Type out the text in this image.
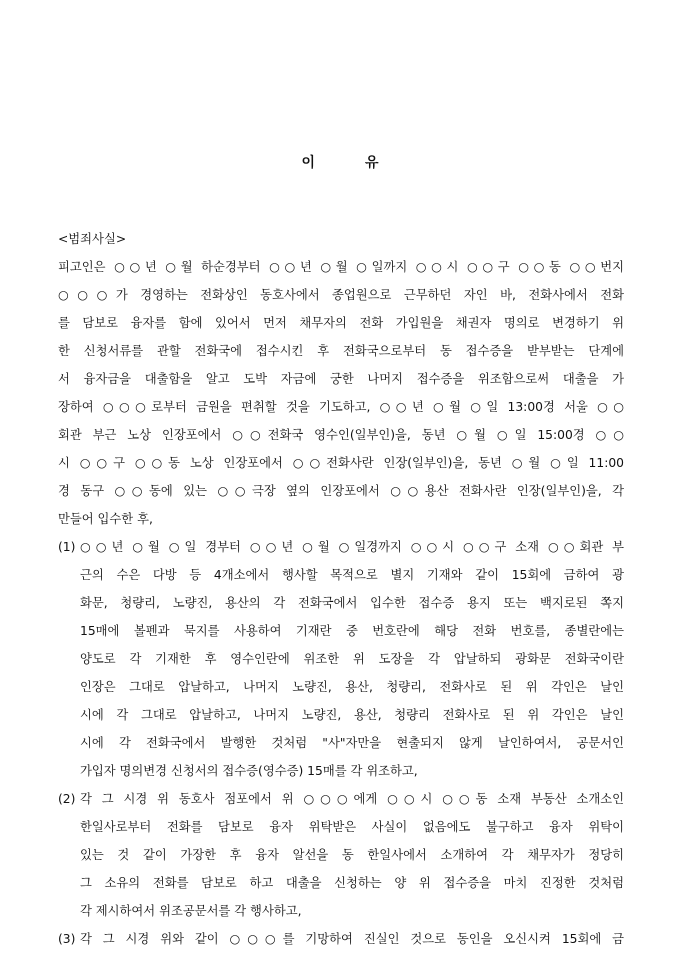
이	유
<범죄사실>
피고인은 ○○년 ○월 하순경부터 ○○년 ○월 ○일까지 ○○시 ○○구 ○○동 ○○번지
○○○가 경영하는 전화상인 동호사에서 종업원으로 근무하던 자인 바, 전화사에서 전화
를 담보로 융자를 함에 있어서 먼저 채무자의 전화 가입원을 채권자 명의로 변경하기 위
한 신청서류를 관할 전화국에 접수시킨 후 전화국으로부터 동 접수증을 받부받는 단계에
서 융자금을 대출함을 알고 도박 자금에 궁한 나머지 접수증을 위조함으로써 대출을 가
장하여 ○○○로부터 금원을 편취할 것을 기도하고, ○○년 ○월 ○일 13:00경 서울 ○○
회관 부근 노상 인장포에서 ○○전화국 영수인(일부인)을, 동년 ○월 ○일 15:00경 ○○
시 ○○구 ○○동 노상 인장포에서 ○○전화사란 인장(일부인)을, 동년 ○월 ○일 11:00
경 동구 ○○동에 있는 ○○극장 옆의 인장포에서 ○○용산 전화사란 인장(일부인)을, 각
만들어 입수한 후,
(1) ○○년 ○월 ○일 경부터 ○○년 ○월 ○일경까지 ○○시 ○○구 소재 ○○회관 부
근의 수은 다방 등 4개소에서 행사할 목적으로 별지 기재와 같이 15회에 금하여 광
화문, 청량리, 노량진, 용산의 각 전화국에서 입수한 접수증 용지 또는 백지로된 쪽지
15매에 볼펜과 묵지를 사용하여 기재란 중 번호란에 해당 전화 번호를, 종별란에는
양도로 각 기재한 후 영수인란에 위조한 위 도장을 각 압날하되 광화문 전화국이란
인장은 그대로 압날하고, 나머지 노량진, 용산, 청량리, 전화사로 된 위 각인은 날인
시에 각 그대로 압날하고, 나머지 노량진, 용산, 청량리 전화사로 된 위 각인은 날인
시에 각 전화국에서 발행한 것처럼 "사"자만을 현출되지 않게 날인하여서, 공문서인
가입자 명의변경 신청서의 접수증(영수증) 15매를 각 위조하고,
(2) 각 그 시경 위 동호사 점포에서 위 ○○○에게 ○○시 ○○동 소재 부동산 소개소인
한일사로부터 전화를 담보로 융자 위탁받은 사실이 없음에도 불구하고 융자 위탁이
있는 것 같이 가장한 후 융자 알선을 동 한일사에서 소개하여 각 채무자가 정당히
그 소유의 전화를 담보로 하고 대출을 신청하는 양 위 접수증을 마치 진정한 것처럼
각 제시하여서 위조공문서를 각 행사하고,
(3) 각 그 시경 위와 같이 ○○○를 기망하여 진실인 것으로 동인을 오신시켜 15회에 금
